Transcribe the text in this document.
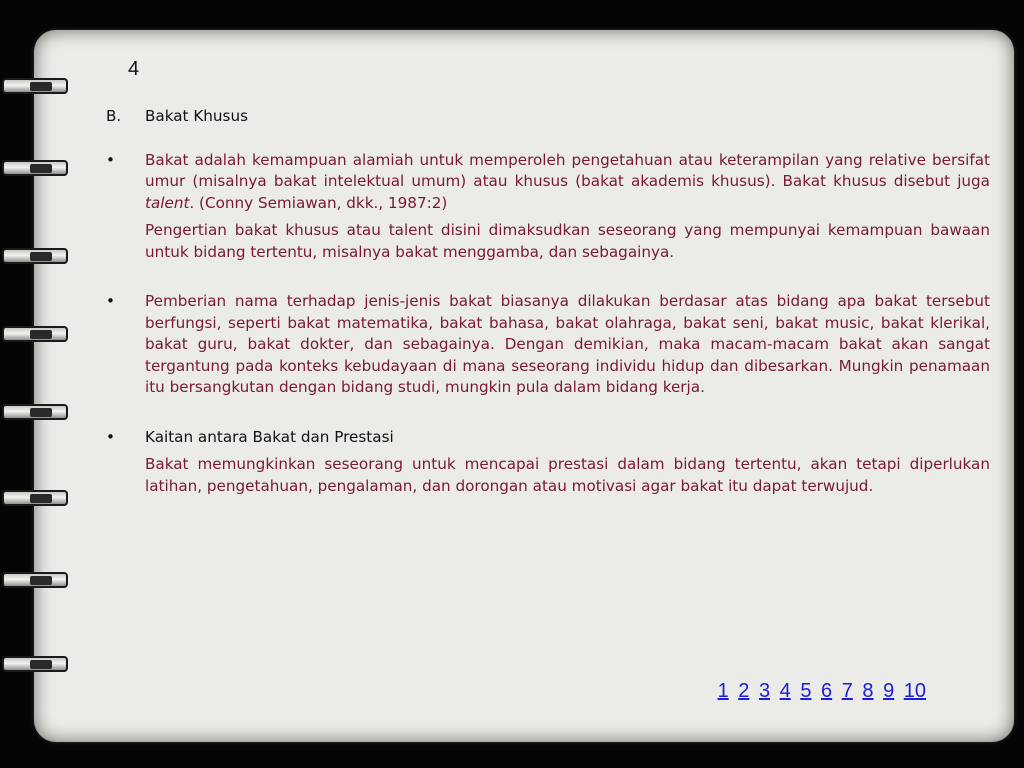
4
B.	Bakat Khusus
•	Bakat adalah kemampuan alamiah untuk memperoleh pengetahuan atau keterampilan yang relative bersifat umur (misalnya bakat intelektual umum) atau khusus (bakat akademis khusus). Bakat khusus disebut juga talent. (Conny Semiawan, dkk., 1987:2)

Pengertian bakat khusus atau talent disini dimaksudkan seseorang yang mempunyai kemampuan bawaan untuk bidang tertentu, misalnya bakat menggamba, dan sebagainya.

•	Pemberian nama terhadap jenis-jenis bakat biasanya dilakukan berdasar atas bidang apa bakat tersebut berfungsi, seperti bakat matematika, bakat bahasa, bakat olahraga, bakat seni, bakat music, bakat klerikal, bakat guru, bakat dokter, dan sebagainya. Dengan demikian, maka macam-macam bakat akan sangat tergantung pada konteks kebudayaan di mana seseorang individu hidup dan dibesarkan. Mungkin penamaan itu bersangkutan dengan bidang studi, mungkin pula dalam bidang kerja.

•	Kaitan antara Bakat dan Prestasi

Bakat memungkinkan seseorang untuk mencapai prestasi dalam bidang tertentu, akan tetapi diperlukan latihan, pengetahuan, pengalaman, dan dorongan atau motivasi agar bakat itu dapat terwujud.

1 2 3 4 5 6 7 8 9 10
